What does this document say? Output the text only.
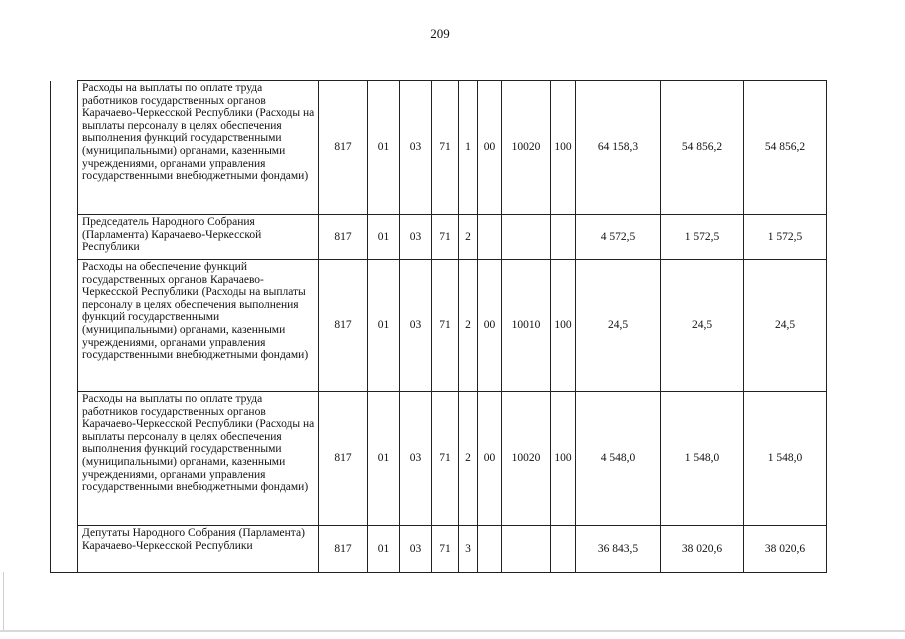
209
	Расходы на выплаты по оплате труда работников государственных органов Карачаево-Черкесской Республики (Расходы на выплаты персоналу в целях обеспечения выполнения функций государственными (муниципальными) органами, казенными учреждениями, органами управления государственными внебюджетными фондами)	817	01	03	71	1	00	10020	100	64 158,3	54 856,2	54 856,2
	Председатель Народного Собрания (Парламента) Карачаево-Черкесской Республики	817	01	03	71	2				4 572,5	1 572,5	1 572,5
	Расходы на обеспечение функций государственных органов Карачаево-Черкесской Республики (Расходы на выплаты персоналу в целях обеспечения выполнения функций государственными (муниципальными) органами, казенными учреждениями, органами управления государственными внебюджетными фондами)	817	01	03	71	2	00	10010	100	24,5	24,5	24,5
	Расходы на выплаты по оплате труда работников государственных органов Карачаево-Черкесской Республики (Расходы на выплаты персоналу в целях обеспечения выполнения функций государственными (муниципальными) органами, казенными учреждениями, органами управления государственными внебюджетными фондами)	817	01	03	71	2	00	10020	100	4 548,0	1 548,0	1 548,0
	Депутаты Народного Собрания (Парламента) Карачаево-Черкесской Республики	817	01	03	71	3				36 843,5	38 020,6	38 020,6
